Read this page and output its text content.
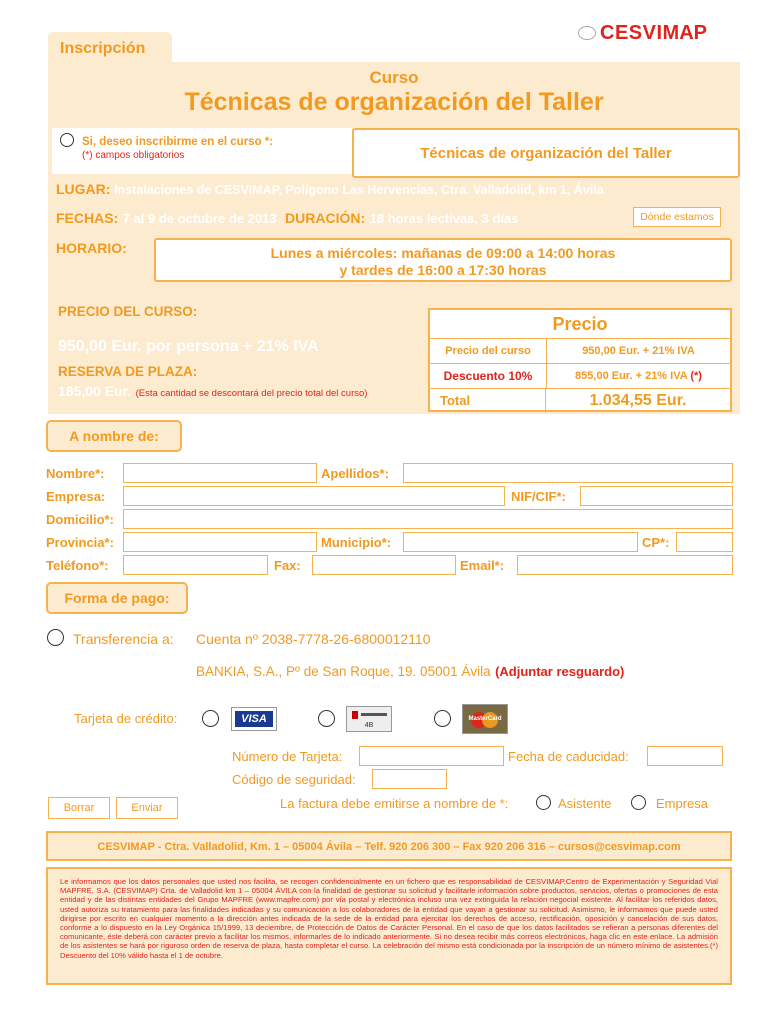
CESVI MAP
Inscripción
Curso
Técnicas de organización del Taller
Si, deseo inscribirme en el curso *:
(*) campos obligatorios	Técnicas de organización del Taller
LUGAR: Instalaciones de CESVIMAP, Polígono Las Hervencias, Ctra. Valladolid, km 1, Ávila
FECHAS: 7 al 9 de octubre de 2013 DURACIÓN: 18 horas lectivas, 3 días	Dónde estamos
HORARIO:	Lunes a miércoles: mañanas de 09:00 a 14:00 horas
y tardes de 16:00 a 17:30 horas
PRECIO DEL CURSO:
950,00 Eur. por persona + 21% IVA
RESERVA DE PLAZA:
185,00 Eur. (Esta cantidad se descontará del precio total del curso)
Precio
Precio del curso	950,00 Eur. + 21% IVA
Descuento 10%	855,00 Eur. + 21% IVA (*)
Total	1.034,55 Eur.
A nombre de:
Nombre*:	Apellidos*:
Empresa:	NIF/CIF*:
Domicilio*:
Provincia*:	Municipio*:	CP*:
Teléfono*:	Fax:	Email*:
Forma de pago:
Transferencia a: Cuenta nº 2038-7778-26-6800012110
BANKIA, S.A., Pº de San Roque, 19. 05001 Ávila (Adjuntar resguardo)
Tarjeta de crédito:	VISA
4B
MasterCard
Número de Tarjeta:	Fecha de caducidad:
Código de seguridad:
Borrar	Enviar	La factura debe emitirse a nombre de *:	Asistente	Empresa
CESVIMAP - Ctra. Valladolid, Km. 1 – 05004 Ávila – Telf. 920 206 300 – Fax 920 206 316 – cursos@cesvimap.com
Le informamos que los datos personales que usted nos facilita, se recogen confidencialmente en un fichero que es responsabilidad de CESVIMAP,Centro de Experimentación y Seguridad Vial MAPFRE, S.A. (CESVIMAP) Crta. de Valladolid km 1 – 05004 ÁVILA con la finalidad de gestionar su solicitud y facilitarle información sobre productos, servicios, ofertas o promociones de esta entidad y de las distintas entidades del Grupo MAPFRE (www.mapfre.com) por vía postal y electrónica incluso una vez extinguida la relación negocial existente. Al facilitar los referidos datos, usted autoriza su tratamiento para las finalidades indicadas y su comunicación a los colaboradores de la entidad que vayan a gestionar su solicitud. Asimismo, le informamos que puede usted dirigirse por escrito en cualquier momento a la dirección antes indicada de la sede de la entidad para ejercitar los derechos de acceso, rectificación, oposición y cancelación de sus datos, conforme a lo dispuesto en la Ley Orgánica 15/1999, 13 deciembre, de Protección de Datos de Carácter Personal. En el caso de que los datos facilitados se refieran a personas diferentes del comunicante, éste deberá con carácter previo a facilitar los mismos, informarles de lo indicado anteriormente. Si no desea recibir más correos electrónicos, haga clic en este enlace. La admisión de los asistentes se hará por riguroso orden de reserva de plaza, hasta completar el curso. La celebración del mismo está condicionada por la inscripción de un número mínimo de asistentes.(*) Descuento del 10% válido hasta el 1 de octubre.
